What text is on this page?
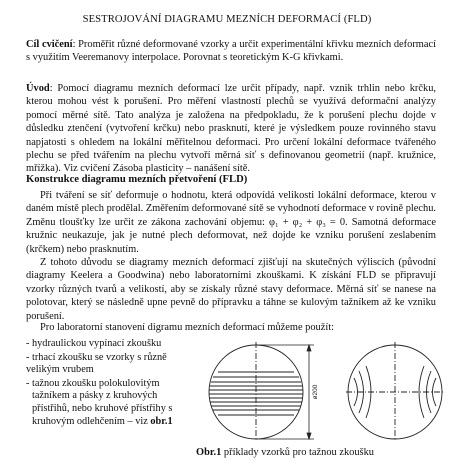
SESTROJOVÁNÍ DIAGRAMU MEZNÍCH DEFORMACÍ (FLD)

Cíl cvičení: Proměřit různé deformované vzorky a určit experimentální křivku mezních deformací s využitím Veeremanovy interpolace. Porovnat s teoretickým K-G křivkami.

Úvod: Pomocí diagramu mezních deformací lze určit případy, např. vznik trhlin nebo krčku, kterou mohou vést k porušení. Pro měření vlastností plechů se využívá deformační analýzy pomocí měrné sítě. Tato analýza je založena na předpokladu, že k porušení plechu dojde v důsledku ztenčení (vytvoření krčku) nebo prasknutí, které je výsledkem pouze rovinného stavu napjatosti s ohledem na lokální měřitelnou deformaci. Pro určení lokální deformace tvářeného plechu se před tvářením na plechu vytvoří měrná síť s definovanou geometrií (např. kružnice, mřížka). Viz cvičení Zásoba plasticity – nanášení sítě.

Konstrukce diagramu mezních přetvoření (FLD)

Při tváření se síť deformuje o hodnotu, která odpovídá velikosti lokální deformace, kterou v daném místě plech prodělal. Změřením deformované sítě se vyhodnotí deformace v rovině plechu. Změnu tloušťky lze určit ze zákona zachování objemu: φ₁ + φ₂ + φ₃ = 0. Samotná deformace kružnic neukazuje, jak je nutné plech deformovat, než dojde ke vzniku porušení zeslabením (krčkem) nebo prasknutím.

Z tohoto důvodu se diagramy mezních deformací zjišťují na skutečných výliscích (původní diagramy Keelera a Goodwina) nebo laboratorními zkouškami. K získání FLD se připravují vzorky různých tvarů a velikostí, aby se získaly různé stavy deformace. Měrná síť se nanese na polotovar, který se následně upne pevně do přípravku a táhne se kulovým tažníkem až ke vzniku porušení.

Pro laboratorní stanovení digramu mezních deformací můžeme použít:

- hydraulickou vypínací zkoušku
- trhací zkoušku se vzorky s různě velikým vrubem
- tažnou zkoušku polokulovitým tažníkem a pásky z kruhových přístřihů, nebo kruhové přístřihy s kruhovým odlehčením – viz obr.1
ø200
Obr.1 příklady vzorků pro tažnou zkoušku
